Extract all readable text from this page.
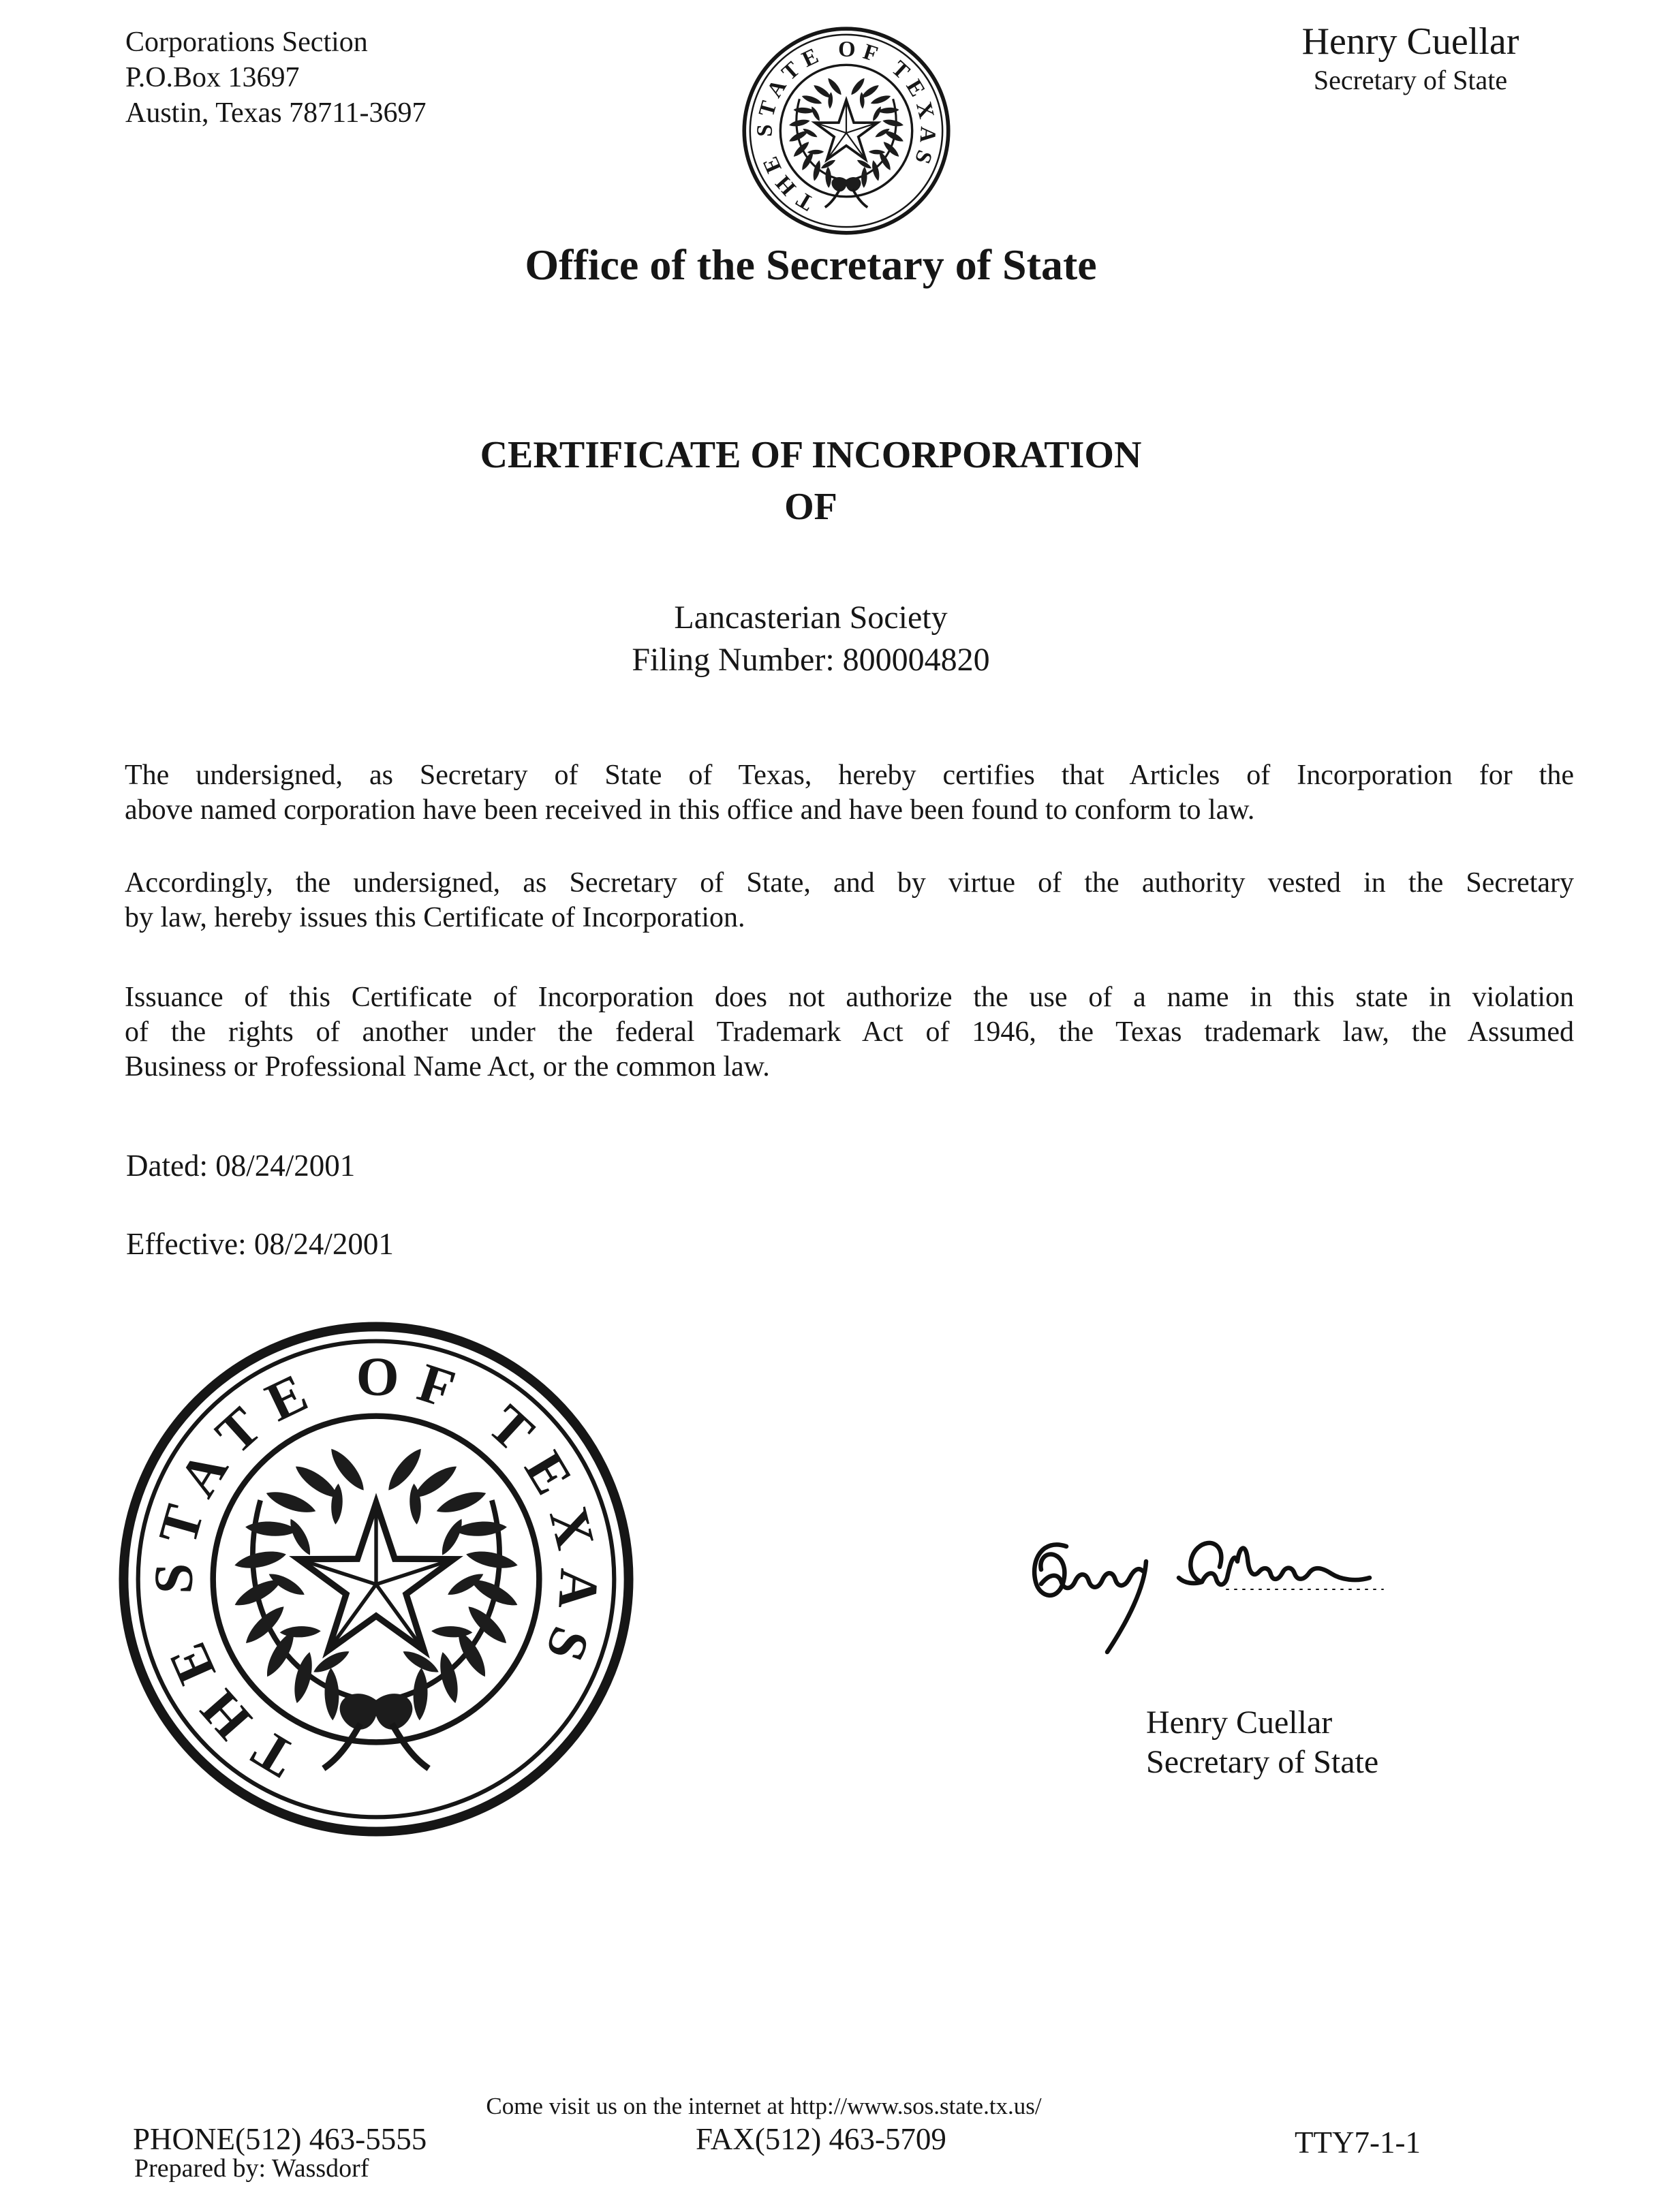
Corporations Section
P.O.Box 13697
Austin, Texas 78711-3697
Henry Cuellar
Secretary of State
Office of the Secretary of State
CERTIFICATE OF INCORPORATION
OF
Lancasterian Society
Filing Number: 800004820
The undersigned, as Secretary of State of Texas, hereby certifies that Articles of Incorporation for the
above named corporation have been received in this office and have been found to conform to law.
Accordingly, the undersigned, as Secretary of State, and by virtue of the authority vested in the Secretary
by law, hereby issues this Certificate of Incorporation.
Issuance of this Certificate of Incorporation does not authorize the use of a name in this state in violation
of the rights of another under the federal Trademark Act of 1946, the Texas trademark law, the Assumed
Business or Professional Name Act, or the common law.
Dated: 08/24/2001
Effective: 08/24/2001
Henry Cuellar
Secretary of State
Come visit us on the internet at http://www.sos.state.tx.us/
PHONE(512) 463-5555	FAX(512) 463-5709	TTY7-1-1
Prepared by: Wassdorf
